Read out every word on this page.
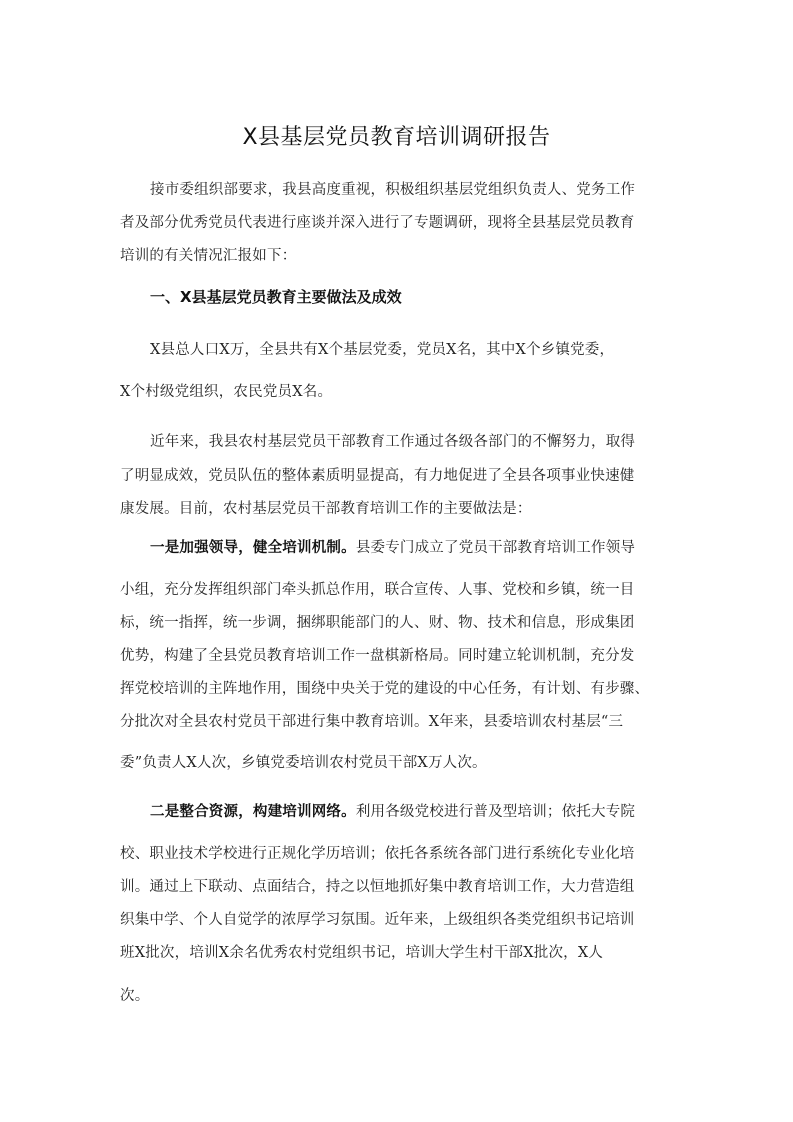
X县基层党员教育培训调研报告
接市委组织部要求，我县高度重视，积极组织基层党组织负责人、党务工作
者及部分优秀党员代表进行座谈并深入进行了专题调研，现将全县基层党员教育
培训的有关情况汇报如下：
一、X县基层党员教育主要做法及成效
X县总人口X万，全县共有X个基层党委，党员X名，其中X个乡镇党委，
X个村级党组织，农民党员X名。
近年来，我县农村基层党员干部教育工作通过各级各部门的不懈努力，取得
了明显成效，党员队伍的整体素质明显提高，有力地促进了全县各项事业快速健
康发展。目前，农村基层党员干部教育培训工作的主要做法是：
一是加强领导，健全培训机制。县委专门成立了党员干部教育培训工作领导
小组，充分发挥组织部门牵头抓总作用，联合宣传、人事、党校和乡镇，统一目
标，统一指挥，统一步调，捆绑职能部门的人、财、物、技术和信息，形成集团
优势，构建了全县党员教育培训工作一盘棋新格局。同时建立轮训机制，充分发
挥党校培训的主阵地作用，围绕中央关于党的建设的中心任务，有计划、有步骤、
分批次对全县农村党员干部进行集中教育培训。X年来，县委培训农村基层“三
委”负责人X人次，乡镇党委培训农村党员干部X万人次。
二是整合资源，构建培训网络。利用各级党校进行普及型培训；依托大专院
校、职业技术学校进行正规化学历培训；依托各系统各部门进行系统化专业化培
训。通过上下联动、点面结合，持之以恒地抓好集中教育培训工作，大力营造组
织集中学、个人自觉学的浓厚学习氛围。近年来，上级组织各类党组织书记培训
班X批次，培训X余名优秀农村党组织书记，培训大学生村干部X批次，X人
次。
